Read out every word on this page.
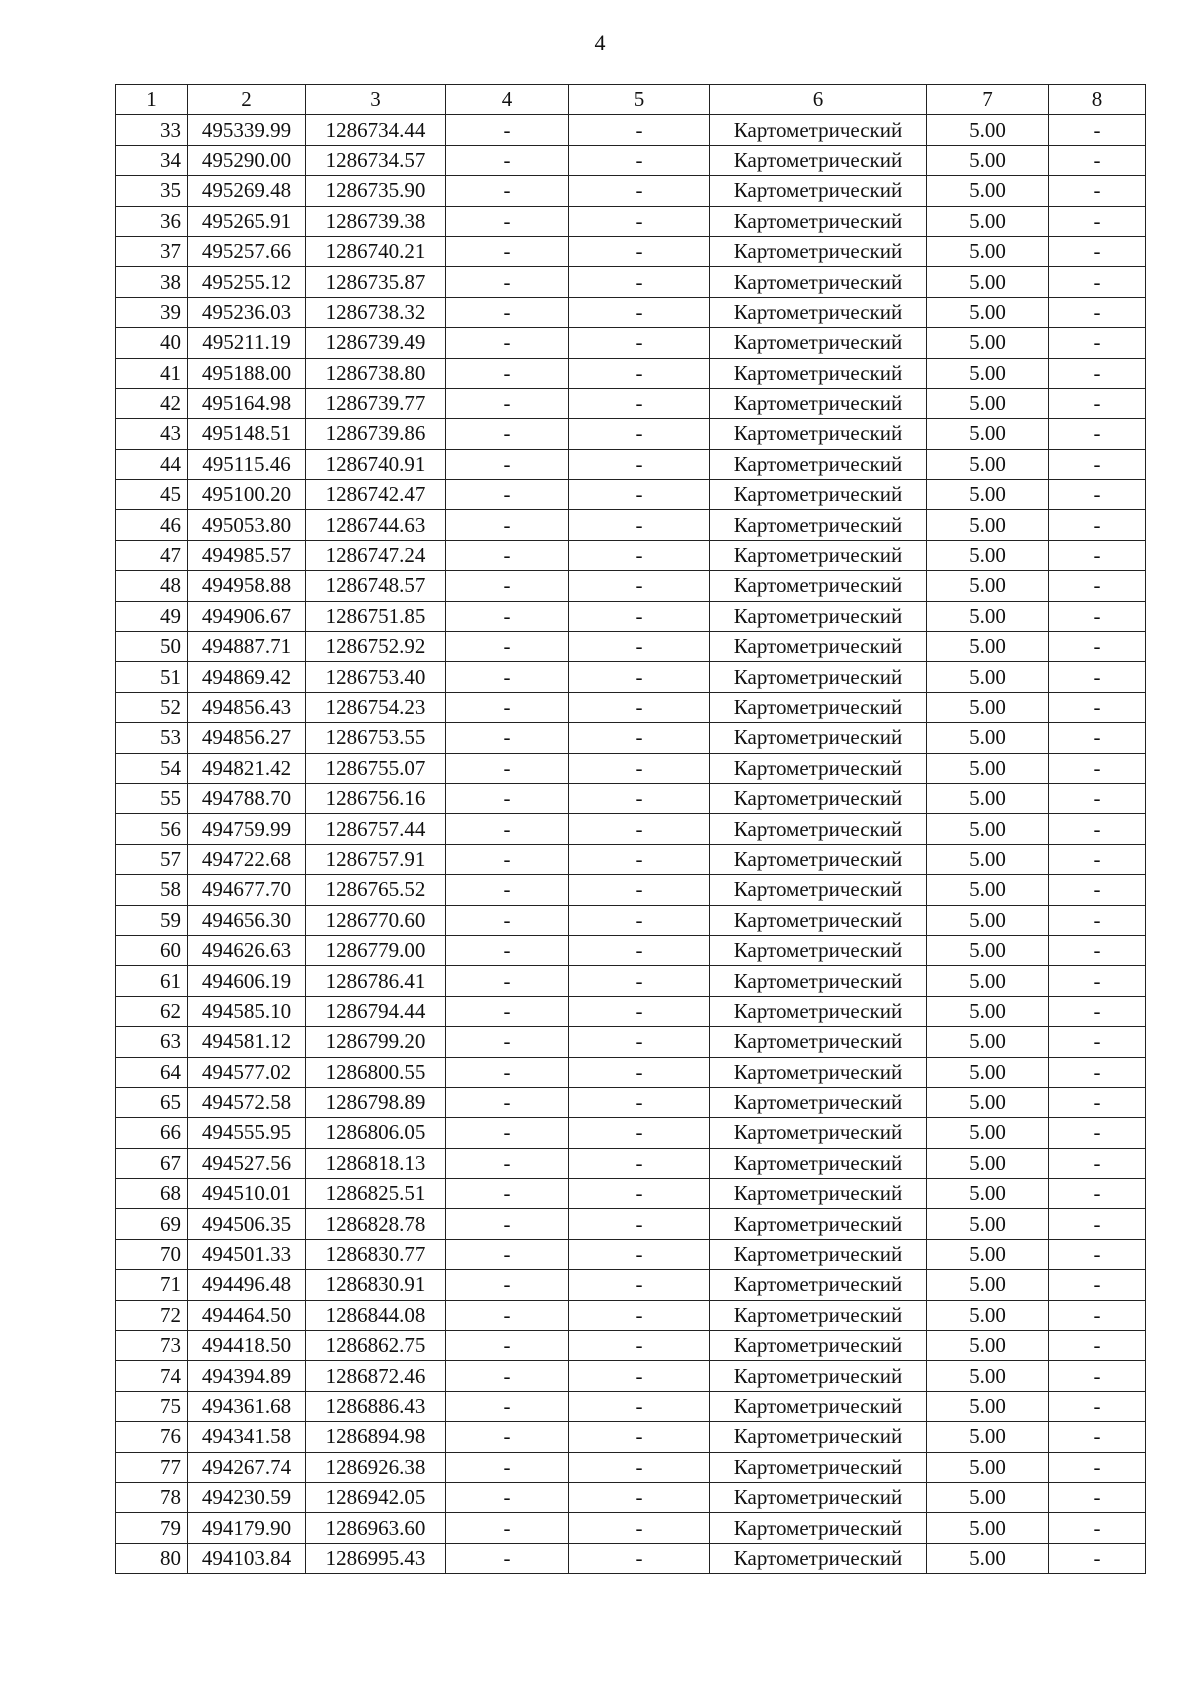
4
1	2	3	4	5	6	7	8
33	495339.99	1286734.44	-	-	Картометрический	5.00	-
34	495290.00	1286734.57	-	-	Картометрический	5.00	-
35	495269.48	1286735.90	-	-	Картометрический	5.00	-
36	495265.91	1286739.38	-	-	Картометрический	5.00	-
37	495257.66	1286740.21	-	-	Картометрический	5.00	-
38	495255.12	1286735.87	-	-	Картометрический	5.00	-
39	495236.03	1286738.32	-	-	Картометрический	5.00	-
40	495211.19	1286739.49	-	-	Картометрический	5.00	-
41	495188.00	1286738.80	-	-	Картометрический	5.00	-
42	495164.98	1286739.77	-	-	Картометрический	5.00	-
43	495148.51	1286739.86	-	-	Картометрический	5.00	-
44	495115.46	1286740.91	-	-	Картометрический	5.00	-
45	495100.20	1286742.47	-	-	Картометрический	5.00	-
46	495053.80	1286744.63	-	-	Картометрический	5.00	-
47	494985.57	1286747.24	-	-	Картометрический	5.00	-
48	494958.88	1286748.57	-	-	Картометрический	5.00	-
49	494906.67	1286751.85	-	-	Картометрический	5.00	-
50	494887.71	1286752.92	-	-	Картометрический	5.00	-
51	494869.42	1286753.40	-	-	Картометрический	5.00	-
52	494856.43	1286754.23	-	-	Картометрический	5.00	-
53	494856.27	1286753.55	-	-	Картометрический	5.00	-
54	494821.42	1286755.07	-	-	Картометрический	5.00	-
55	494788.70	1286756.16	-	-	Картометрический	5.00	-
56	494759.99	1286757.44	-	-	Картометрический	5.00	-
57	494722.68	1286757.91	-	-	Картометрический	5.00	-
58	494677.70	1286765.52	-	-	Картометрический	5.00	-
59	494656.30	1286770.60	-	-	Картометрический	5.00	-
60	494626.63	1286779.00	-	-	Картометрический	5.00	-
61	494606.19	1286786.41	-	-	Картометрический	5.00	-
62	494585.10	1286794.44	-	-	Картометрический	5.00	-
63	494581.12	1286799.20	-	-	Картометрический	5.00	-
64	494577.02	1286800.55	-	-	Картометрический	5.00	-
65	494572.58	1286798.89	-	-	Картометрический	5.00	-
66	494555.95	1286806.05	-	-	Картометрический	5.00	-
67	494527.56	1286818.13	-	-	Картометрический	5.00	-
68	494510.01	1286825.51	-	-	Картометрический	5.00	-
69	494506.35	1286828.78	-	-	Картометрический	5.00	-
70	494501.33	1286830.77	-	-	Картометрический	5.00	-
71	494496.48	1286830.91	-	-	Картометрический	5.00	-
72	494464.50	1286844.08	-	-	Картометрический	5.00	-
73	494418.50	1286862.75	-	-	Картометрический	5.00	-
74	494394.89	1286872.46	-	-	Картометрический	5.00	-
75	494361.68	1286886.43	-	-	Картометрический	5.00	-
76	494341.58	1286894.98	-	-	Картометрический	5.00	-
77	494267.74	1286926.38	-	-	Картометрический	5.00	-
78	494230.59	1286942.05	-	-	Картометрический	5.00	-
79	494179.90	1286963.60	-	-	Картометрический	5.00	-
80	494103.84	1286995.43	-	-	Картометрический	5.00	-
